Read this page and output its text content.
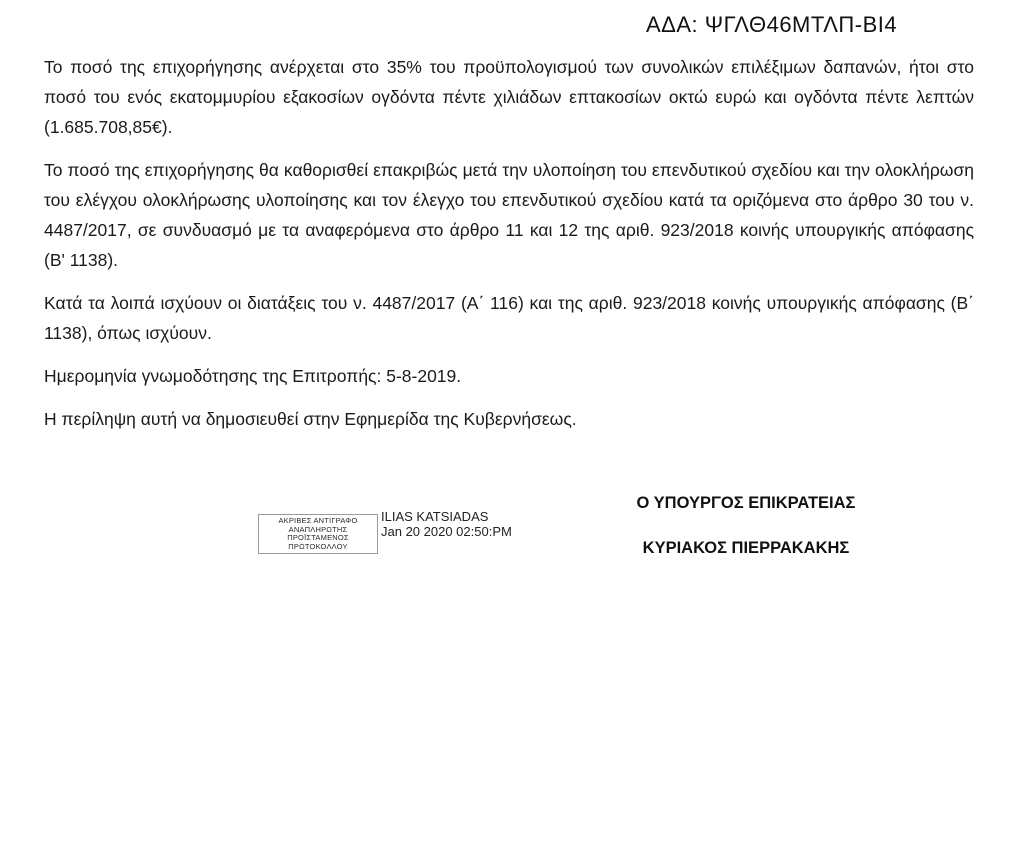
ΑΔΑ: ΨΓΛΘ46ΜΤΛΠ-ΒΙ4

Το ποσό της επιχορήγησης ανέρχεται στο 35% του προϋπολογισμού των συνολικών επιλέξιμων δαπανών, ήτοι στο ποσό του ενός εκατομμυρίου εξακοσίων ογδόντα πέντε χιλιάδων επτακοσίων οκτώ ευρώ και ογδόντα πέντε λεπτών (1.685.708,85€).

Το ποσό της επιχορήγησης θα καθορισθεί επακριβώς μετά την υλοποίηση του επενδυτικού σχεδίου και την ολοκλήρωση του ελέγχου ολοκλήρωσης υλοποίησης και τον έλεγχο του επενδυτικού σχεδίου κατά τα οριζόμενα στο άρθρο 30 του ν. 4487/2017, σε συνδυασμό με τα αναφερόμενα στο άρθρο 11 και 12 της αριθ. 923/2018 κοινής υπουργικής απόφασης (Β' 1138).

Κατά τα λοιπά ισχύουν οι διατάξεις του ν. 4487/2017 (Α΄ 116) και της αριθ. 923/2018 κοινής υπουργικής απόφασης (Β΄ 1138), όπως ισχύουν.

Ημερομηνία γνωμοδότησης της Επιτροπής: 5-8-2019.

Η περίληψη αυτή να δημοσιευθεί στην Εφημερίδα της Κυβερνήσεως.

ΑΚΡΙΒΕΣ ΑΝΤΙΓΡΑΦΟ
ΑΝΑΠΛΗΡΩΤΗΣ ΠΡΟΪΣΤΑΜΕΝΟΣ
ΠΡΩΤΟΚΟΛΛΟΥ
ILIAS KATSIADAS
Jan 20 2020 02:50:PM
Ο ΥΠΟΥΡΓΟΣ ΕΠΙΚΡΑΤΕΙΑΣ
ΚΥΡΙΑΚΟΣ ΠΙΕΡΡΑΚΑΚΗΣ
